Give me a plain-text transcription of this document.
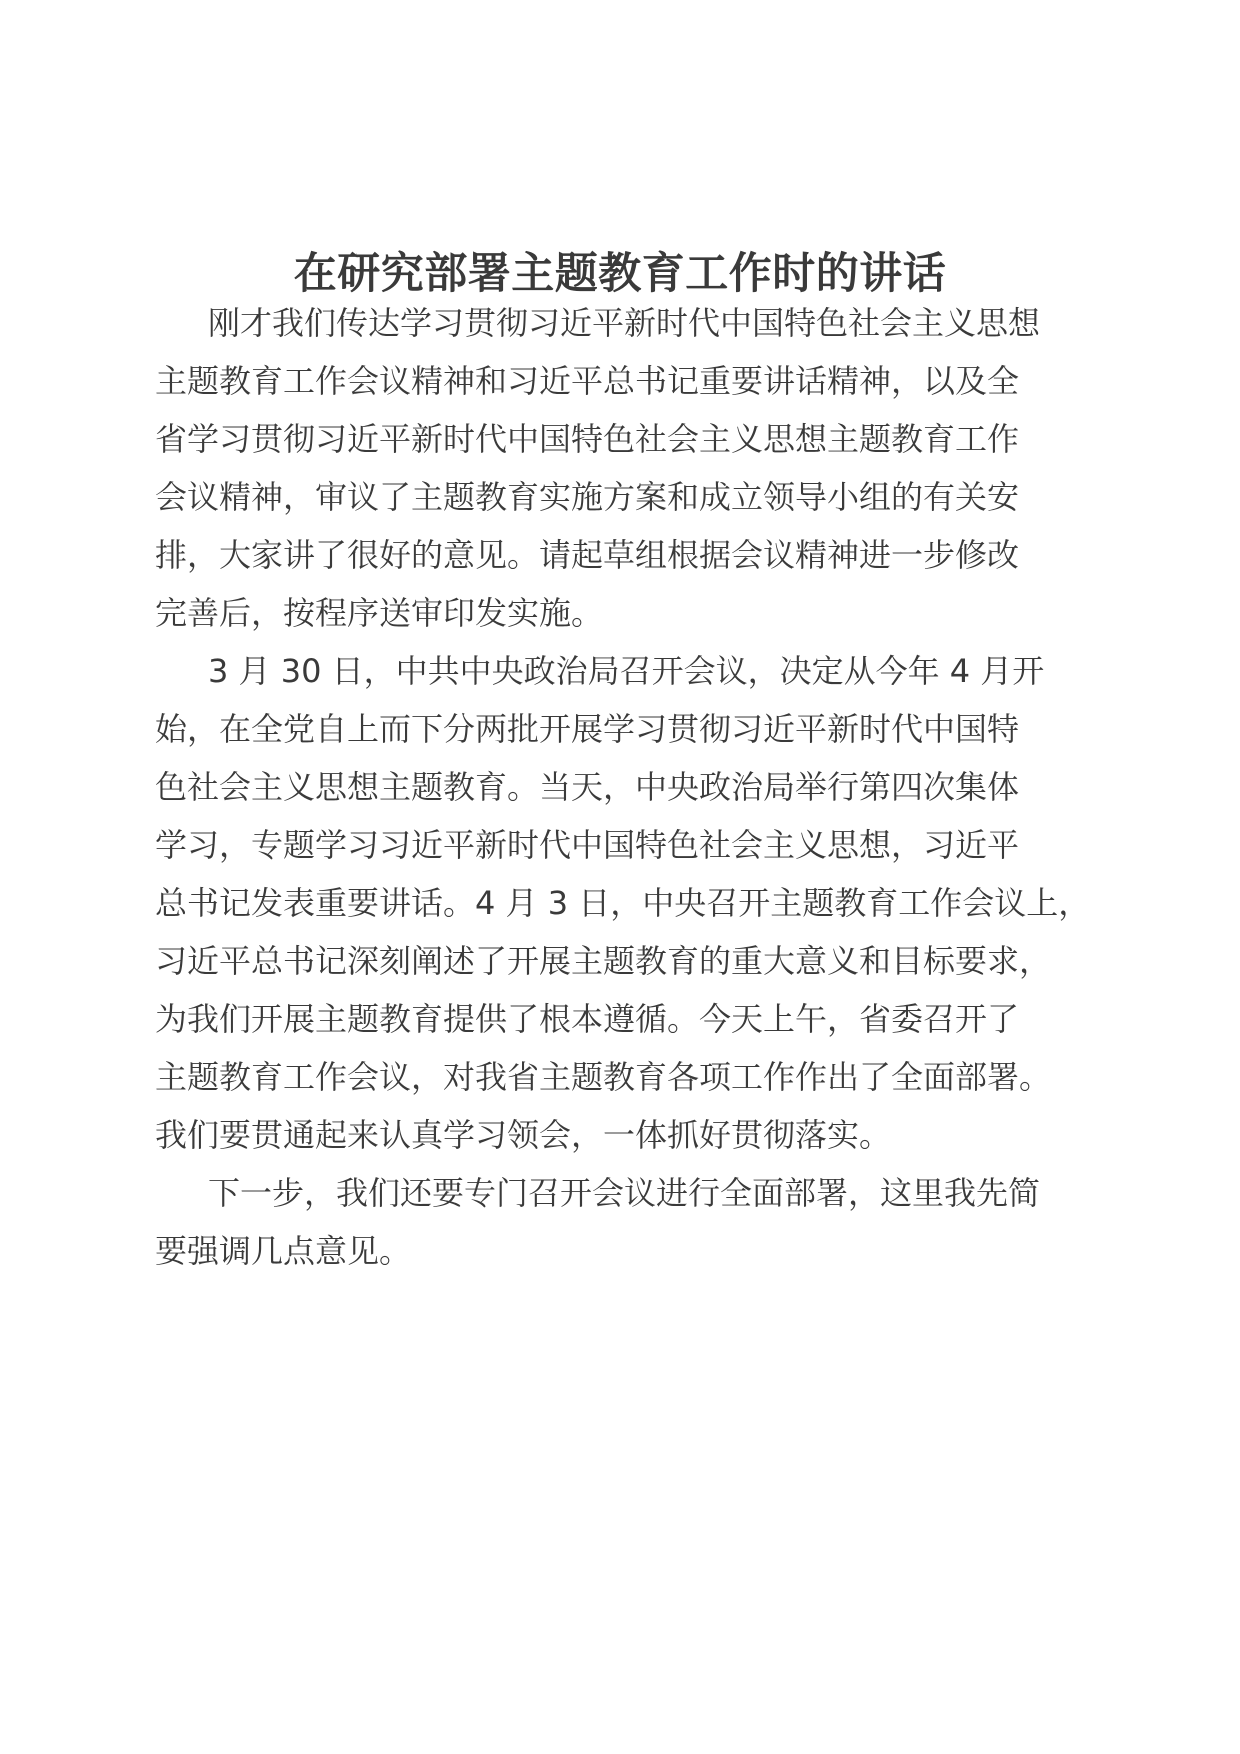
在研究部署主题教育工作时的讲话
刚才我们传达学习贯彻习近平新时代中国特色社会主义思想
主题教育工作会议精神和习近平总书记重要讲话精神，以及全
省学习贯彻习近平新时代中国特色社会主义思想主题教育工作
会议精神，审议了主题教育实施方案和成立领导小组的有关安
排，大家讲了很好的意见。请起草组根据会议精神进一步修改
完善后，按程序送审印发实施。
3 月 30 日，中共中央政治局召开会议，决定从今年 4 月开
始，在全党自上而下分两批开展学习贯彻习近平新时代中国特
色社会主义思想主题教育。当天，中央政治局举行第四次集体
学习，专题学习习近平新时代中国特色社会主义思想，习近平
总书记发表重要讲话。4 月 3 日，中央召开主题教育工作会议上，
习近平总书记深刻阐述了开展主题教育的重大意义和目标要求，
为我们开展主题教育提供了根本遵循。今天上午，省委召开了
主题教育工作会议，对我省主题教育各项工作作出了全面部署。
我们要贯通起来认真学习领会，一体抓好贯彻落实。
下一步，我们还要专门召开会议进行全面部署，这里我先简
要强调几点意见。
